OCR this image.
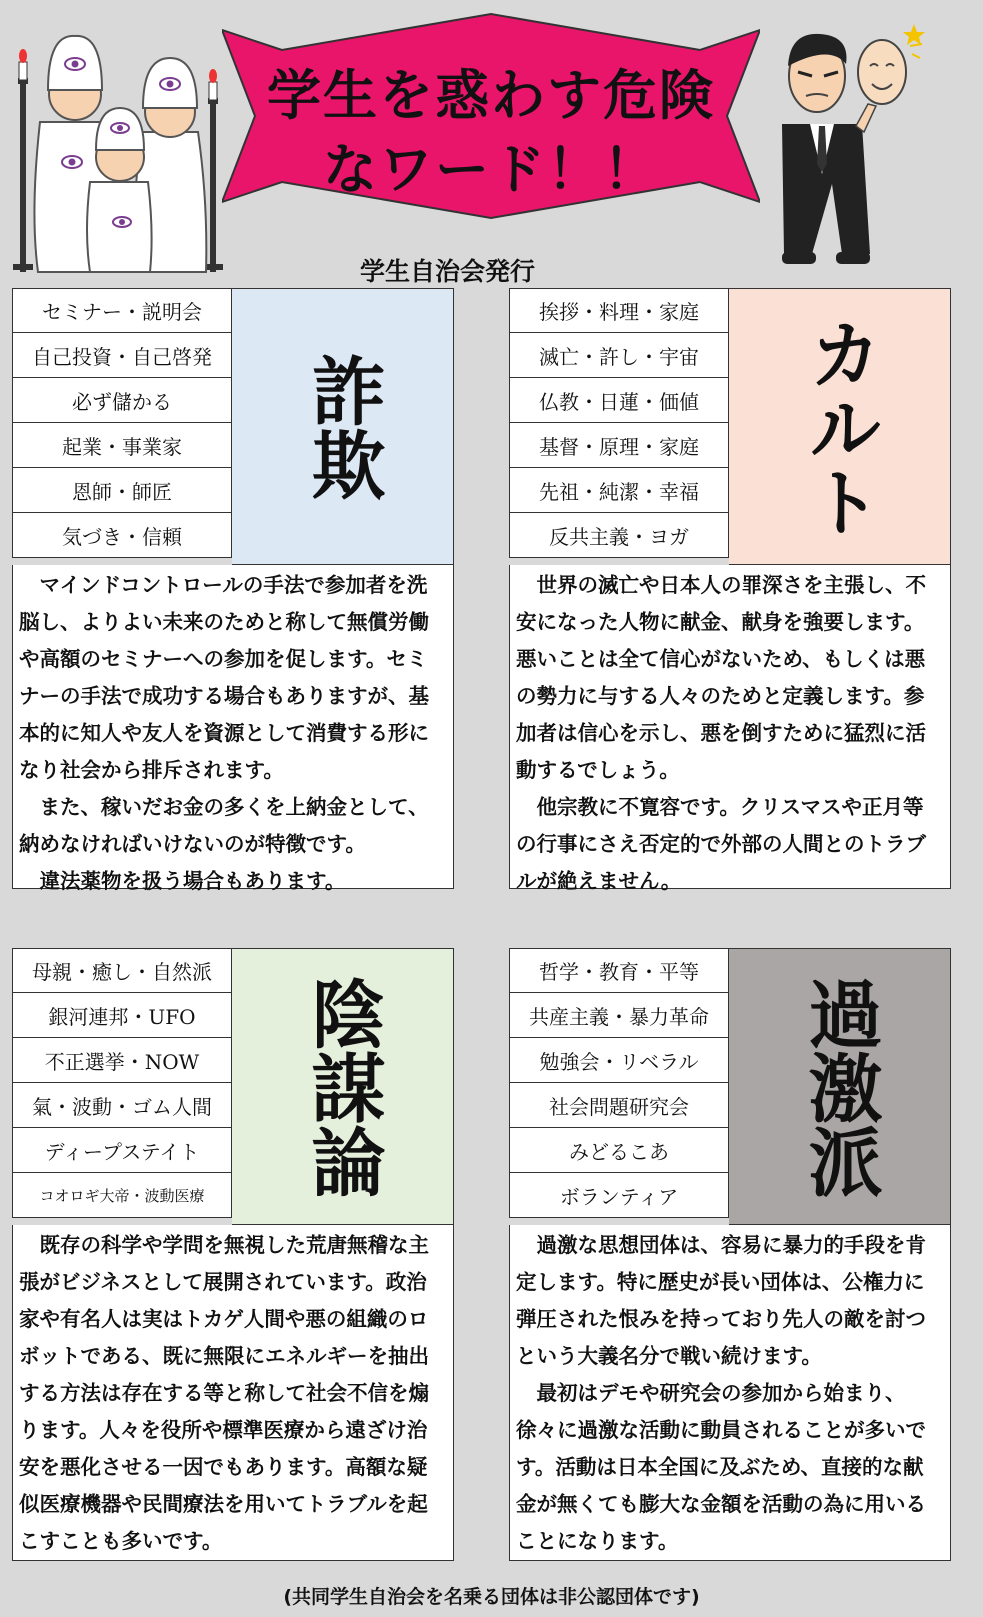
学生を惑わす危険なワード！！
学生自治会発行
セミナー・説明会
自己投資・自己啓発
必ず儲かる
起業・事業家
恩師・師匠
気づき・信頼
詐欺

マインドコントロールの手法で参加者を洗脳し、よりよい未来のためと称して無償労働や高額のセミナーへの参加を促します。セミナーの手法で成功する場合もありますが、基本的に知人や友人を資源として消費する形になり社会から排斥されます。

また、稼いだお金の多くを上納金として、納めなければいけないのが特徴です。

違法薬物を扱う場合もあります。

挨拶・料理・家庭
滅亡・許し・宇宙
仏教・日蓮・価値
基督・原理・家庭
先祖・純潔・幸福
反共主義・ヨガ	カルト

世界の滅亡や日本人の罪深さを主張し、不安になった人物に献金、献身を強要します。悪いことは全て信心がないため、もしくは悪の勢力に与する人々のためと定義します。参加者は信心を示し、悪を倒すために猛烈に活動するでしょう。

他宗教に不寛容です。クリスマスや正月等の行事にさえ否定的で外部の人間とのトラブルが絶えません。

母親・癒し・自然派
銀河連邦・UFO
不正選挙・NOW
氣・波動・ゴム人間
ディープステイト
コオロギ大帝・波動医療	陰謀論

既存の科学や学問を無視した荒唐無稽な主張がビジネスとして展開されています。政治家や有名人は実はトカゲ人間や悪の組織のロボットである、既に無限にエネルギーを抽出する方法は存在する等と称して社会不信を煽ります。人々を役所や標準医療から遠ざけ治安を悪化させる一因でもあります。高額な疑似医療機器や民間療法を用いてトラブルを起こすことも多いです。

哲学・教育・平等
共産主義・暴力革命
勉強会・リベラル
社会問題研究会
みどるこあ
ボランティア	過激派

過激な思想団体は、容易に暴力的手段を肯定します。特に歴史が長い団体は、公権力に弾圧された恨みを持っており先人の敵を討つという大義名分で戦い続けます。

最初はデモや研究会の参加から始まり、徐々に過激な活動に動員されることが多いです。活動は日本全国に及ぶため、直接的な献金が無くても膨大な金額を活動の為に用いることになります。

(共同学生自治会を名乗る団体は非公認団体です)
